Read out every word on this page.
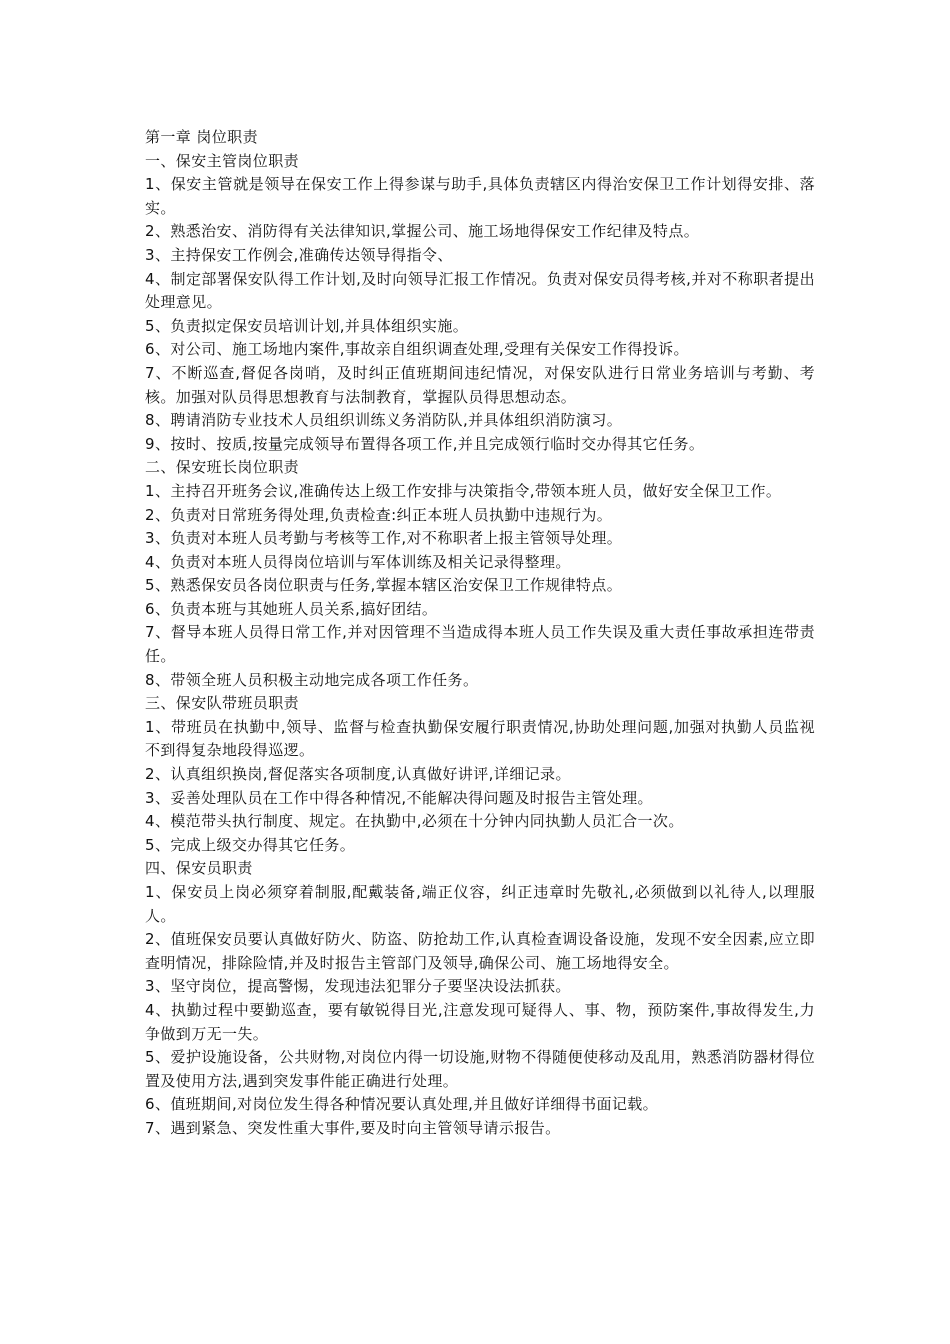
第一章 岗位职责
一、保安主管岗位职责
1、保安主管就是领导在保安工作上得参谋与助手,具体负责辖区内得治安保卫工作计划得安排、落实。
2、熟悉治安、消防得有关法律知识,掌握公司、施工场地得保安工作纪律及特点。
3、主持保安工作例会,准确传达领导得指令、
4、制定部署保安队得工作计划,及时向领导汇报工作情况。负责对保安员得考核,并对不称职者提出处理意见。
5、负责拟定保安员培训计划,并具体组织实施。
6、对公司、施工场地内案件,事故亲自组织调查处理,受理有关保安工作得投诉。
7、不断巡查,督促各岗哨，及时纠正值班期间违纪情况，对保安队进行日常业务培训与考勤、考核。加强对队员得思想教育与法制教育，掌握队员得思想动态。
8、聘请消防专业技术人员组织训练义务消防队,并具体组织消防演习。
9、按时、按质,按量完成领导布置得各项工作,并且完成领行临时交办得其它任务。
二、保安班长岗位职责
1、主持召开班务会议,准确传达上级工作安排与决策指令,带领本班人员，做好安全保卫工作。
2、负责对日常班务得处理,负责检查:纠正本班人员执勤中违规行为。
3、负责对本班人员考勤与考核等工作,对不称职者上报主管领导处理。
4、负责对本班人员得岗位培训与军体训练及相关记录得整理。
5、熟悉保安员各岗位职责与任务,掌握本辖区治安保卫工作规律特点。
6、负责本班与其她班人员关系,搞好团结。
7、督导本班人员得日常工作,并对因管理不当造成得本班人员工作失误及重大责任事故承担连带责任。
8、带领全班人员积极主动地完成各项工作任务。
三、保安队带班员职责
1、带班员在执勤中,领导、监督与检查执勤保安履行职责情况,协助处理问题,加强对执勤人员监视不到得复杂地段得巡逻。
2、认真组织换岗,督促落实各项制度,认真做好讲评,详细记录。
3、妥善处理队员在工作中得各种情况,不能解决得问题及时报告主管处理。
4、模范带头执行制度、规定。在执勤中,必须在十分钟内同执勤人员汇合一次。
5、完成上级交办得其它任务。
四、保安员职责
1、保安员上岗必须穿着制服,配戴装备,端正仪容，纠正违章时先敬礼,必须做到以礼待人,以理服人。
2、值班保安员要认真做好防火、防盗、防抢劫工作,认真检查调设备设施，发现不安全因素,应立即查明情况，排除险情,并及时报告主管部门及领导,确保公司、施工场地得安全。
3、坚守岗位，提高警惕，发现违法犯罪分子要坚决设法抓获。
4、执勤过程中要勤巡查，要有敏锐得目光,注意发现可疑得人、事、物，预防案件,事故得发生,力争做到万无一失。
5、爱护设施设备，公共财物,对岗位内得一切设施,财物不得随便使移动及乱用，熟悉消防器材得位置及使用方法,遇到突发事件能正确进行处理。
6、值班期间,对岗位发生得各种情况要认真处理,并且做好详细得书面记载。
7、遇到紧急、突发性重大事件,要及时向主管领导请示报告。
